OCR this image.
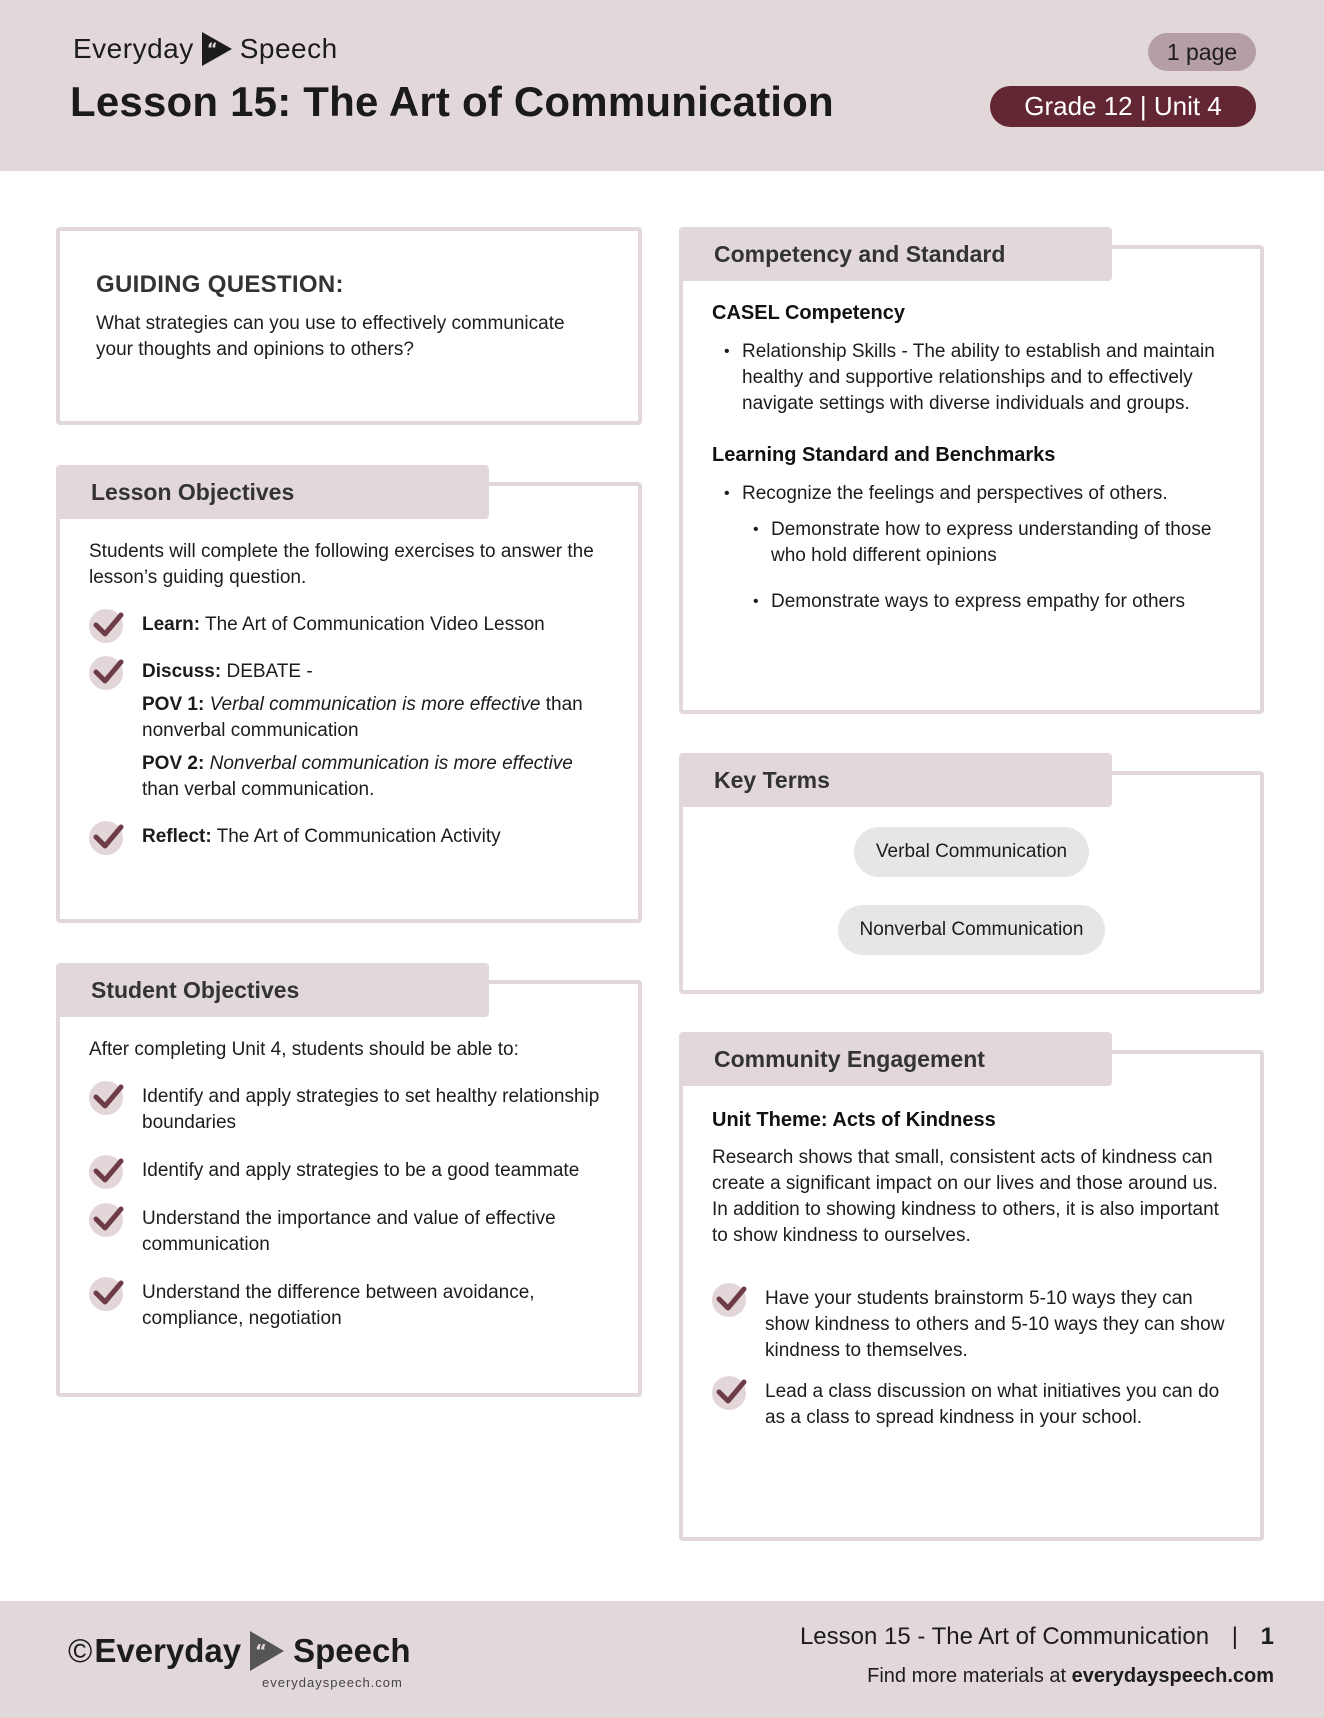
Everyday “ Speech
Lesson 15: The Art of Communication
1 page
Grade 12 | Unit 4
GUIDING QUESTION:

What strategies can you use to effectively communicate your thoughts and opinions to others?

Lesson Objectives

Students will complete the following exercises to answer the lesson’s guiding question.

Learn: The Art of Communication Video Lesson
Discuss: DEBATE -
POV 1: Verbal communication is more effective than nonverbal communication
POV 2: Nonverbal communication is more effective than verbal communication.
Reflect: The Art of Communication Activity
Student Objectives

After completing Unit 4, students should be able to:

Identify and apply strategies to set healthy relationship boundaries
Identify and apply strategies to be a good teammate
Understand the importance and value of effective communication
Understand the difference between avoidance, compliance, negotiation
Competency and Standard
CASEL Competency
• Relationship Skills - The ability to establish and maintain healthy and supportive relationships and to effectively navigate settings with diverse individuals and groups.
Learning Standard and Benchmarks
• Recognize the feelings and perspectives of others.
• Demonstrate how to express understanding of those who hold different opinions
• Demonstrate ways to express empathy for others
Key Terms
Verbal Communication
Nonverbal Communication
Community Engagement
Unit Theme: Acts of Kindness

Research shows that small, consistent acts of kindness can create a significant impact on our lives and those around us. In addition to showing kindness to others, it is also important to show kindness to ourselves.

Have your students brainstorm 5-10 ways they can show kindness to others and 5-10 ways they can show kindness to themselves.
Lead a class discussion on what initiatives you can do as a class to spread kindness in your school.
© Everyday “ Speech
everydayspeech.com
Lesson 15 - The Art of Communication | 1
Find more materials at everydayspeech.com
